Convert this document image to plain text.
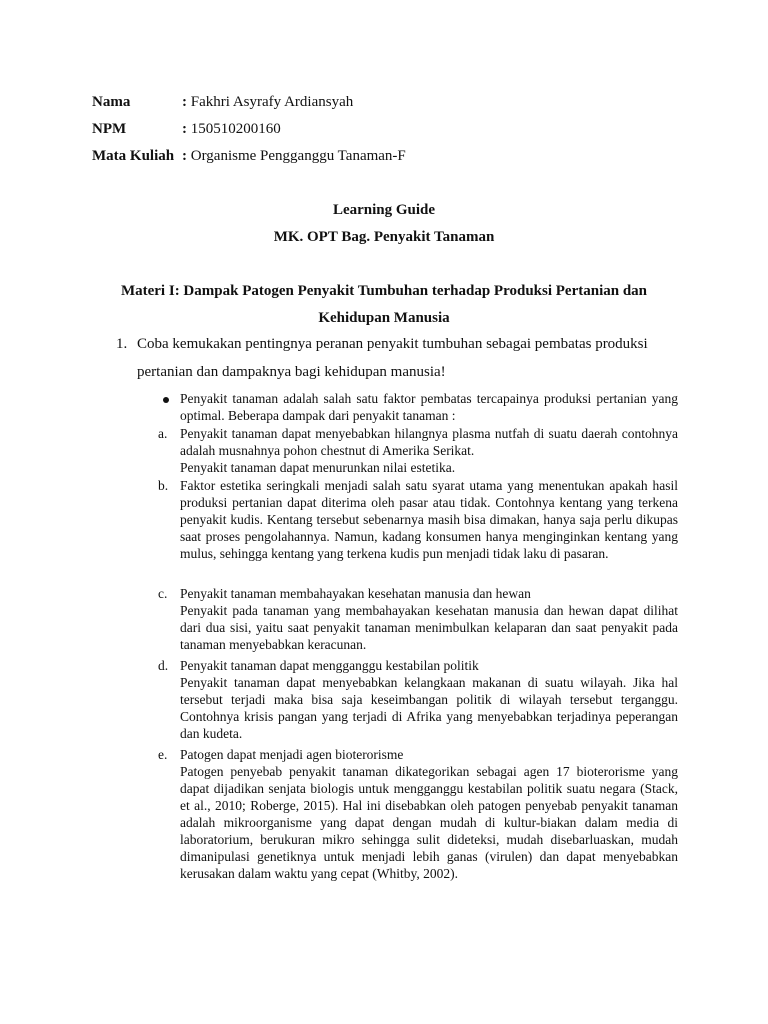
Nama	: Fakhri Asyrafy Ardiansyah
NPM	: 150510200160
Mata Kuliah : Organisme Pengganggu Tanaman-F
Learning Guide
MK. OPT Bag. Penyakit Tanaman
Materi I: Dampak Patogen Penyakit Tumbuhan terhadap Produksi Pertanian dan
Kehidupan Manusia
1. Coba kemukakan pentingnya peranan penyakit tumbuhan sebagai pembatas produksi pertanian dan dampaknya bagi kehidupan manusia!

Penyakit tanaman adalah salah satu faktor pembatas tercapainya produksi pertanian yang optimal. Beberapa dampak dari penyakit tanaman :

a. Penyakit tanaman dapat menyebabkan hilangnya plasma nutfah di suatu daerah contohnya adalah musnahnya pohon chestnut di Amerika Serikat.

Penyakit tanaman dapat menurunkan nilai estetika.

b. Faktor estetika seringkali menjadi salah satu syarat utama yang menentukan apakah hasil produksi pertanian dapat diterima oleh pasar atau tidak. Contohnya kentang yang terkena penyakit kudis. Kentang tersebut sebenarnya masih bisa dimakan, hanya saja perlu dikupas saat proses pengolahannya. Namun, kadang konsumen hanya menginginkan kentang yang mulus, sehingga kentang yang terkena kudis pun menjadi tidak laku di pasaran.

c. Penyakit tanaman membahayakan kesehatan manusia dan hewan

Penyakit pada tanaman yang membahayakan kesehatan manusia dan hewan dapat dilihat dari dua sisi, yaitu saat penyakit tanaman menimbulkan kelaparan dan saat penyakit pada tanaman menyebabkan keracunan.

d. Penyakit tanaman dapat mengganggu kestabilan politik

Penyakit tanaman dapat menyebabkan kelangkaan makanan di suatu wilayah. Jika hal tersebut terjadi maka bisa saja keseimbangan politik di wilayah tersebut terganggu. Contohnya krisis pangan yang terjadi di Afrika yang menyebabkan terjadinya peperangan dan kudeta.

e. Patogen dapat menjadi agen bioterorisme

Patogen penyebab penyakit tanaman dikategorikan sebagai agen 17 bioterorisme yang dapat dijadikan senjata biologis untuk mengganggu kestabilan politik suatu negara (Stack, et al., 2010; Roberge, 2015). Hal ini disebabkan oleh patogen penyebab penyakit tanaman adalah mikroorganisme yang dapat dengan mudah di kultur-biakan dalam media di laboratorium, berukuran mikro sehingga sulit dideteksi, mudah disebarluaskan, mudah dimanipulasi genetiknya untuk menjadi lebih ganas (virulen) dan dapat menyebabkan kerusakan dalam waktu yang cepat (Whitby, 2002).
